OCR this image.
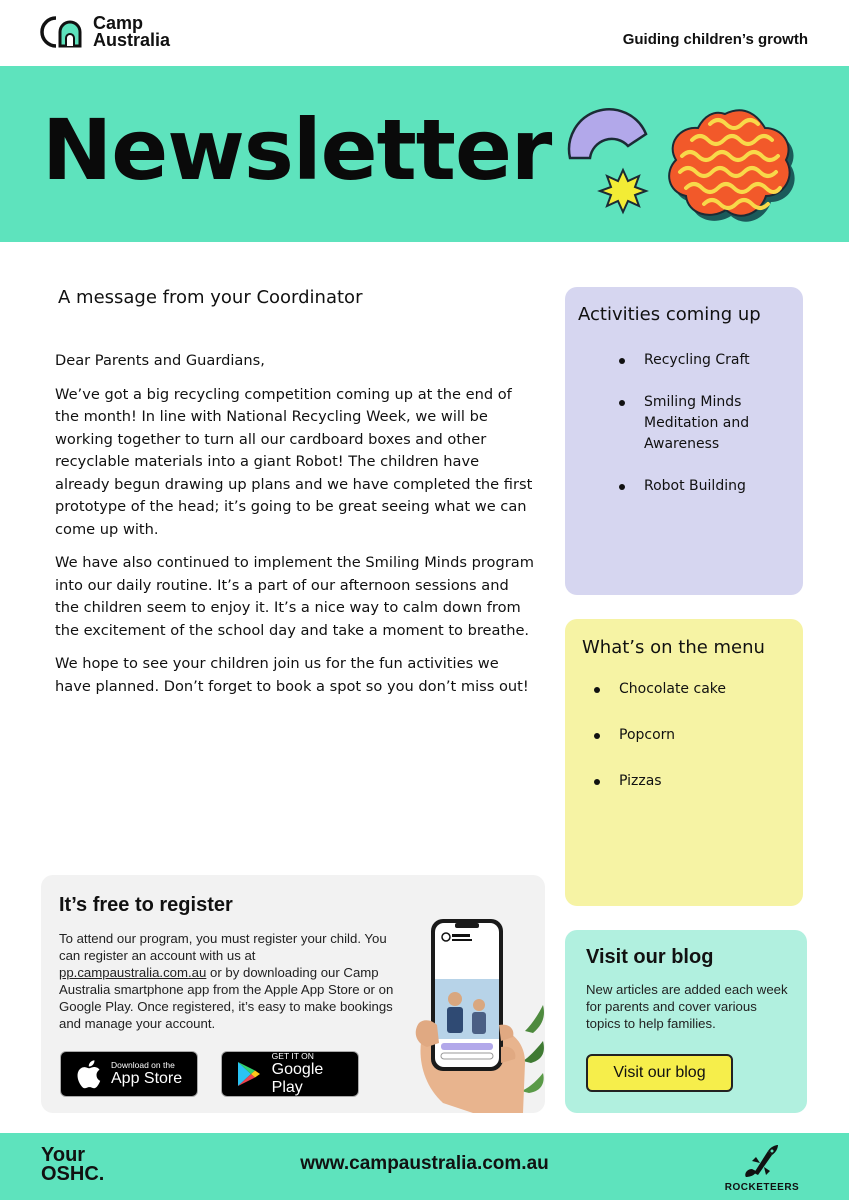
Camp
Australia	Guiding children’s growth
Newsletter
A message from your Coordinator

Dear Parents and Guardians,

We’ve got a big recycling competition coming up at the end of the month! In line with National Recycling Week, we will be working together to turn all our cardboard boxes and other recyclable materials into a giant Robot! The children have already begun drawing up plans and we have completed the first prototype of the head; it’s going to be great seeing what we can come up with.

We have also continued to implement the Smiling Minds program into our daily routine. It’s a part of our afternoon sessions and the children seem to enjoy it. It’s a nice way to calm down from the excitement of the school day and take a moment to breathe.

We hope to see your children join us for the fun activities we have planned. Don’t forget to book a spot so you don’t miss out!

Activities coming up
Recycling Craft
Smiling Minds Meditation and Awareness
Robot Building
What’s on the menu
Chocolate cake
Popcorn
Pizzas
It’s free to register
To attend our program, you must register your child. You can register an account with us at pp.campaustralia.com.au or by downloading our Camp Australia smartphone app from the Apple App Store or on Google Play. Once registered, it’s easy to make bookings and manage your account.
Download on the
App Store
GET IT ON
Google Play
Visit our blog
New articles are added each week for parents and cover various topics to help families.
Visit our blog
Your
OSHC.	www.campaustralia.com.au
ROCKETEERS
